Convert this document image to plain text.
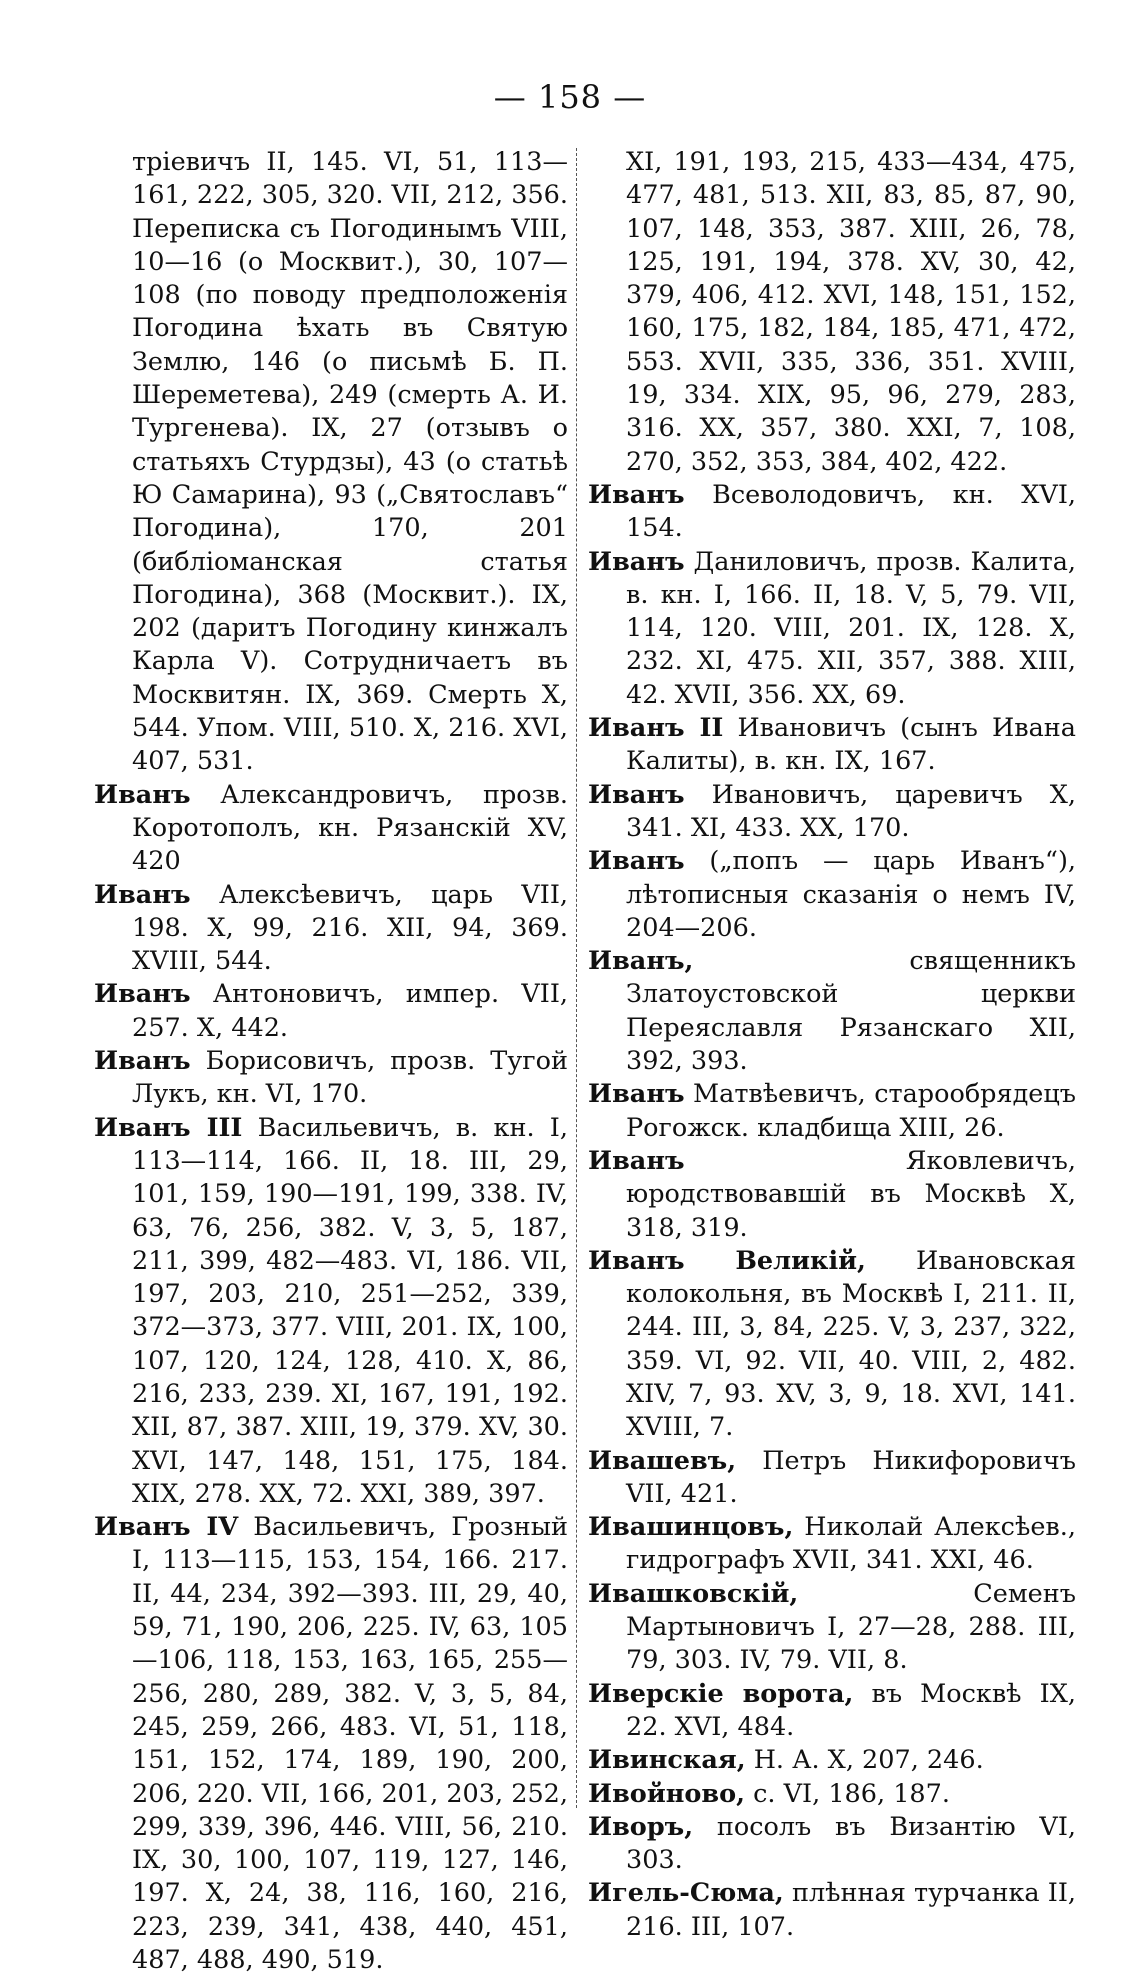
— 158 —

тріевичъ II, 145. VI, 51, 113—161, 222, 305, 320. VII, 212, 356. Переписка съ Погодинымъ VIII, 10—16 (о Москвит.), 30, 107—108 (по поводу предположенія Погодина ѣхать въ Святую Землю, 146 (о письмѣ Б. П. Шереметева), 249 (смерть А. И. Тургенева). IX, 27 (отзывъ о статьяхъ Стурдзы), 43 (о статьѣ Ю Самарина), 93 („Святославъ“ Погодина), 170, 201 (библіоманская статья Погодина), 368 (Москвит.). IX, 202 (даритъ Погодину кинжалъ Карла V). Сотрудничаетъ въ Москвитян. IX, 369. Смерть X, 544. Упом. VIII, 510. X, 216. XVI, 407, 531.

Иванъ Александровичъ, прозв. Коротополъ, кн. Рязанскій XV, 420

Иванъ Алексѣевичъ, царь VII, 198. X, 99, 216. XII, 94, 369. XVIII, 544.

Иванъ Антоновичъ, импер. VII, 257. X, 442.

Иванъ Борисовичъ, прозв. Тугой Лукъ, кн. VI, 170.

Иванъ III Васильевичъ, в. кн. I, 113—114, 166. II, 18. III, 29, 101, 159, 190—191, 199, 338. IV, 63, 76, 256, 382. V, 3, 5, 187, 211, 399, 482—483. VI, 186. VII, 197, 203, 210, 251—252, 339, 372—373, 377. VIII, 201. IX, 100, 107, 120, 124, 128, 410. X, 86, 216, 233, 239. XI, 167, 191, 192. XII, 87, 387. XIII, 19, 379. XV, 30. XVI, 147, 148, 151, 175, 184. XIX, 278. XX, 72. XXI, 389, 397.

Иванъ IV Васильевичъ, Грозный I, 113—115, 153, 154, 166. 217. II, 44, 234, 392—393. III, 29, 40, 59, 71, 190, 206, 225. IV, 63, 105—106, 118, 153, 163, 165, 255—256, 280, 289, 382. V, 3, 5, 84, 245, 259, 266, 483. VI, 51, 118, 151, 152, 174, 189, 190, 200, 206, 220. VII, 166, 201, 203, 252, 299, 339, 396, 446. VIII, 56, 210. IX, 30, 100, 107, 119, 127, 146, 197. X, 24, 38, 116, 160, 216, 223, 239, 341, 438, 440, 451, 487, 488, 490, 519.

XI, 191, 193, 215, 433—434, 475, 477, 481, 513. XII, 83, 85, 87, 90, 107, 148, 353, 387. XIII, 26, 78, 125, 191, 194, 378. XV, 30, 42, 379, 406, 412. XVI, 148, 151, 152, 160, 175, 182, 184, 185, 471, 472, 553. XVII, 335, 336, 351. XVIII, 19, 334. XIX, 95, 96, 279, 283, 316. XX, 357, 380. XXI, 7, 108, 270, 352, 353, 384, 402, 422.

Иванъ Всеволодовичъ, кн. XVI, 154.

Иванъ Даниловичъ, прозв. Калита, в. кн. I, 166. II, 18. V, 5, 79. VII, 114, 120. VIII, 201. IX, 128. X, 232. XI, 475. XII, 357, 388. XIII, 42. XVII, 356. XX, 69.

Иванъ II Ивановичъ (сынъ Ивана Калиты), в. кн. IX, 167.

Иванъ Ивановичъ, царевичъ X, 341. XI, 433. XX, 170.

Иванъ („попъ — царь Иванъ“), лѣтописныя сказанія о немъ IV, 204—206.

Иванъ,	священникъ Златоустовской церкви Переяславля Рязанскаго XII, 392, 393.

Иванъ Матвѣевичъ, старообрядецъ Рогожск. кладбища XIII, 26.

Иванъ	Яковлевичъ, юродствовавшій въ Москвѣ X, 318, 319.

Иванъ Великій, Ивановская колокольня, въ Москвѣ I, 211. II, 244. III, 3, 84, 225. V, 3, 237, 322, 359. VI, 92. VII, 40. VIII, 2, 482. XIV, 7, 93. XV, 3, 9, 18. XVI, 141. XVIII, 7.

Ивашевъ, Петръ Никифоровичъ VII, 421.

Ивашинцовъ, Николай Алексѣев., гидрографъ XVII, 341. XXI, 46.

Ивашковскій,	Семенъ Мартыновичъ I, 27—28, 288. III, 79, 303. IV, 79. VII, 8.

Иверскіе ворота, въ Москвѣ IX, 22. XVI, 484.

Ивинская, Н. А. X, 207, 246.

Ивойново, с. VI, 186, 187.

Иворъ, посолъ въ Византію VI, 303.

Игель-Сюма, плѣнная турчанка II, 216. III, 107.
